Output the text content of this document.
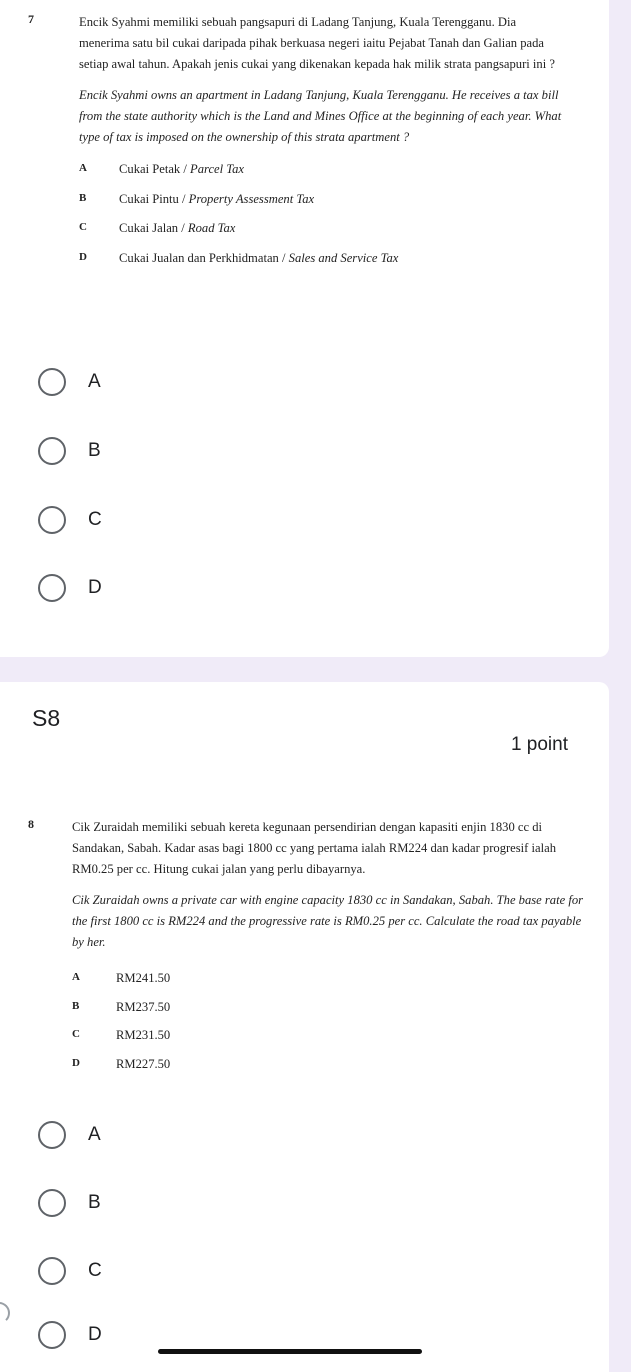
7	Encik Syahmi memiliki sebuah pangsapuri di Ladang Tanjung, Kuala Terengganu. Dia menerima satu bil cukai daripada pihak berkuasa negeri iaitu Pejabat Tanah dan Galian pada setiap awal tahun. Apakah jenis cukai yang dikenakan kepada hak milik strata pangsapuri ini ?
Encik Syahmi owns an apartment in Ladang Tanjung, Kuala Terengganu. He receives a tax bill from the state authority which is the Land and Mines Office at the beginning of each year. What type of tax is imposed on the ownership of this strata apartment ?
A	Cukai Petak / Parcel Tax
B	Cukai Pintu / Property Assessment Tax
C	Cukai Jalan / Road Tax
D	Cukai Jualan dan Perkhidmatan / Sales and Service Tax
A
B
C
D
S8
1 point
8	Cik Zuraidah memiliki sebuah kereta kegunaan persendirian dengan kapasiti enjin 1830 cc di Sandakan, Sabah. Kadar asas bagi 1800 cc yang pertama ialah RM224 dan kadar progresif ialah RM0.25 per cc. Hitung cukai jalan yang perlu dibayarnya.
Cik Zuraidah owns a private car with engine capacity 1830 cc in Sandakan, Sabah. The base rate for the first 1800 cc is RM224 and the progressive rate is RM0.25 per cc. Calculate the road tax payable by her.
A	RM241.50
B	RM237.50
C	RM231.50
D	RM227.50
A
B
C
D
